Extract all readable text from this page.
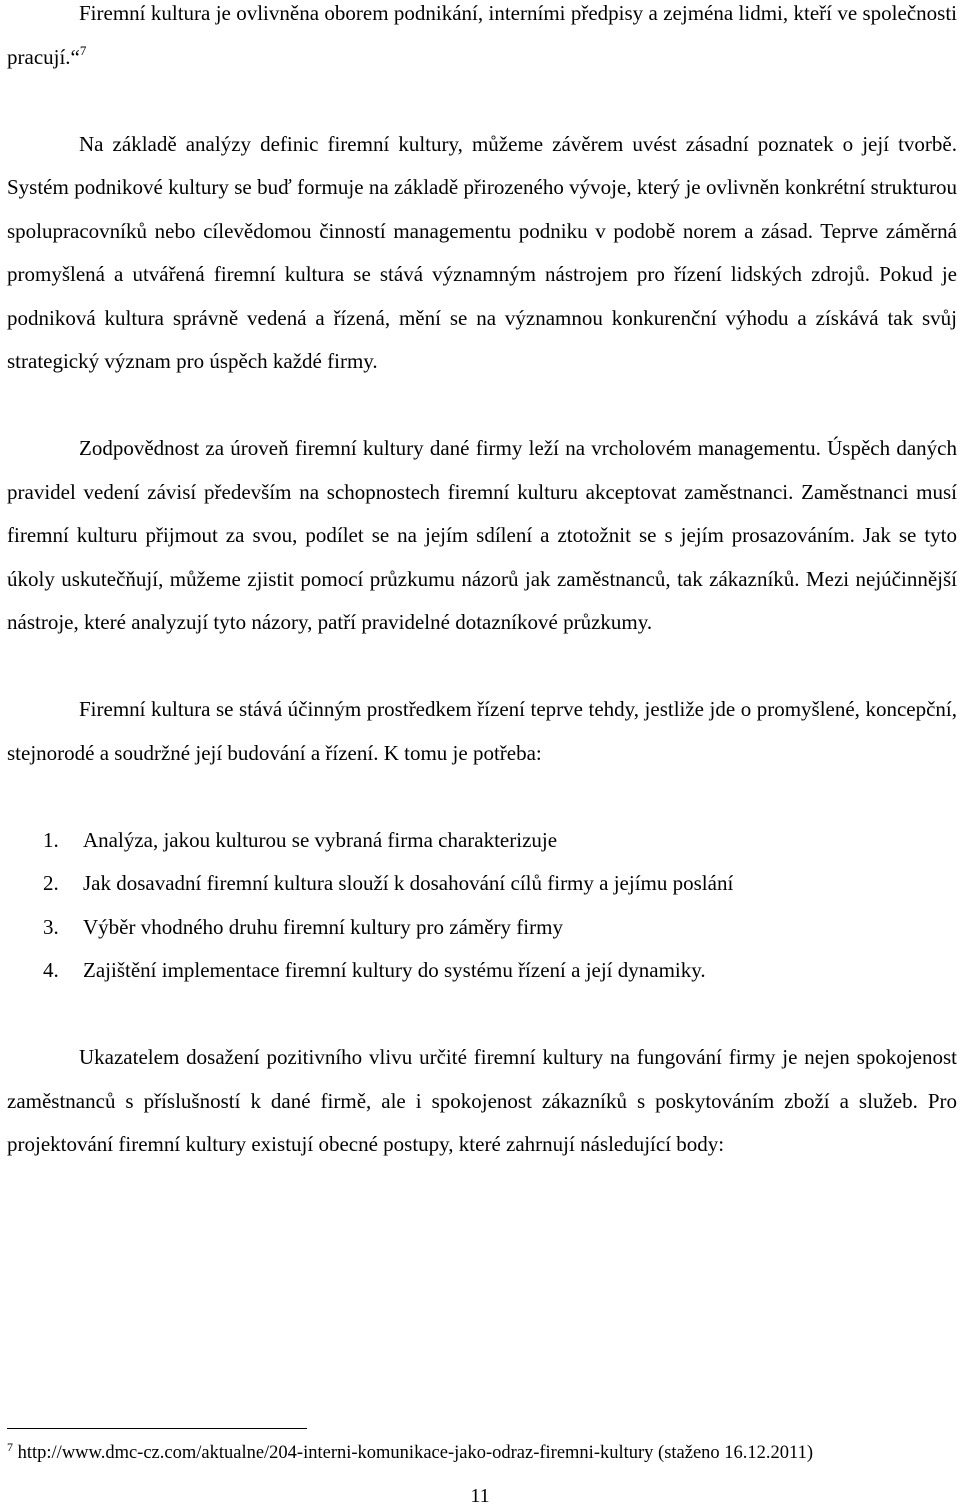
Firemní kultura je ovlivněna oborem podnikání, interními předpisy a zejména lidmi, kteří ve společnosti pracují.“$^7$

Na základě analýzy definic firemní kultury, můžeme závěrem uvést zásadní poznatek o její tvorbě. Systém podnikové kultury se buď formuje na základě přirozeného vývoje, který je ovlivněn konkrétní strukturou spolupracovníků nebo cílevědomou činností managementu podniku v podobě norem a zásad. Teprve záměrná promyšlená a utvářená firemní kultura se stává významným nástrojem pro řízení lidských zdrojů. Pokud je podniková kultura správně vedená a řízená, mění se na významnou konkurenční výhodu a získává tak svůj strategický význam pro úspěch každé firmy.

Zodpovědnost za úroveň firemní kultury dané firmy leží na vrcholovém managementu. Úspěch daných pravidel vedení závisí především na schopnostech firemní kulturu akceptovat zaměstnanci. Zaměstnanci musí firemní kulturu přijmout za svou, podílet se na jejím sdílení a ztotožnit se s jejím prosazováním. Jak se tyto úkoly uskutečňují, můžeme zjistit pomocí průzkumu názorů jak zaměstnanců, tak zákazníků. Mezi nejúčinnější nástroje, které analyzují tyto názory, patří pravidelné dotazníkové průzkumy.

Firemní kultura se stává účinným prostředkem řízení teprve tehdy, jestliže jde o promyšlené, koncepční, stejnorodé a soudržné její budování a řízení. K tomu je potřeba:

1. Analýza, jakou kulturou se vybraná firma charakterizuje
2. Jak dosavadní firemní kultura slouží k dosahování cílů firmy a jejímu poslání
3. Výběr vhodného druhu firemní kultury pro záměry firmy
4. Zajištění implementace firemní kultury do systému řízení a její dynamiky.

Ukazatelem dosažení pozitivního vlivu určité firemní kultury na fungování firmy je nejen spokojenost zaměstnanců s příslušností k dané firmě, ale i spokojenost zákazníků s poskytováním zboží a služeb. Pro projektování firemní kultury existují obecné postupy, které zahrnují následující body:

$^7$ http://www.dmc-cz.com/aktualne/204-interni-komunikace-jako-odraz-firemni-kultury (staženo 16.12.2011)
11
